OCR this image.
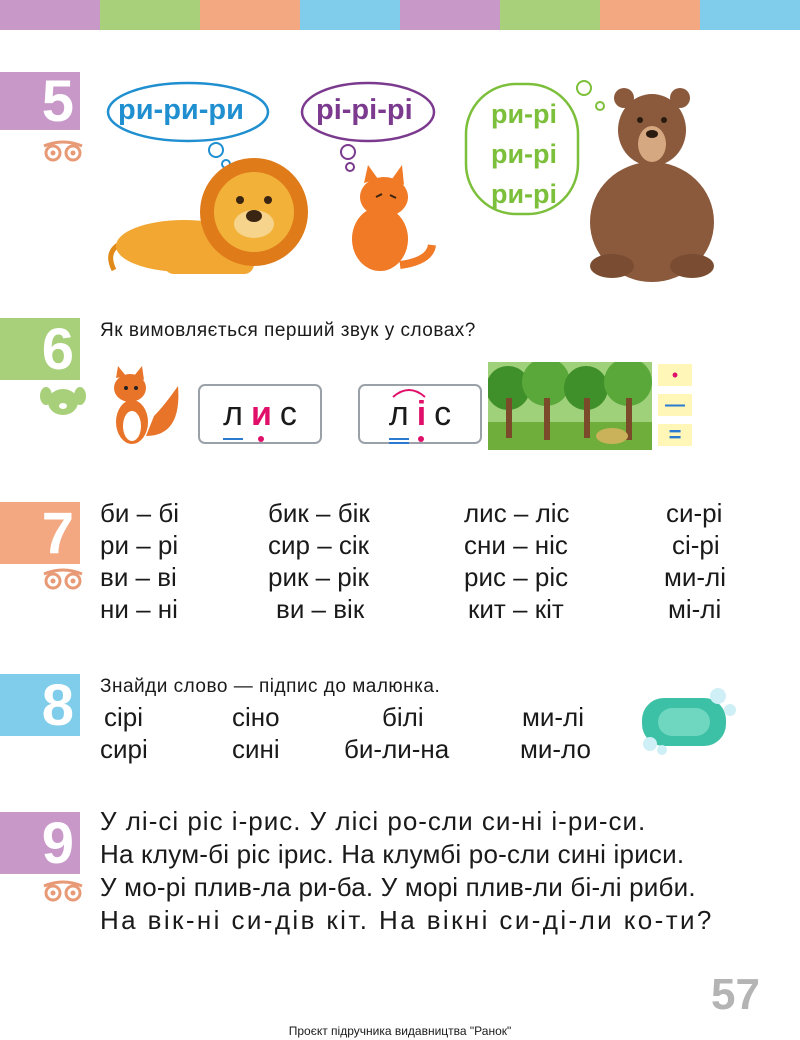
5 ри-ри-ри рі-рі-рі	ри-рі
ри-рі
ри-рі
6	Як вимовляється перший звук у словах?
л и с	л і с
•
—
=
7 би – бі	бик – бік	лис – ліс	си-рі
ри – рі	сир – сік	сни – ніс	сі-рі
ви – ві	рик – рік	рис – ріс	ми-лі
ни – ні	ви – вік	кит – кіт	мі-лі
8	Знайди слово — підпис до малюнка.
сірі	сіно	білі	ми-лі
сирі	сині би-ли-на	ми-ло
9 У лі-сі ріс і-рис. У лісі ро-сли си-ні і-ри-си.
На клум-бі ріс ірис. На клумбі ро-сли сині іриси.
У мо-рі плив-ла ри-ба. У морі плив-ли бі-лі риби.
На вік-ні си-дів кіт. На вікні си-ді-ли ко-ти?
57
Проєкт підручника видавництва "Ранок"
